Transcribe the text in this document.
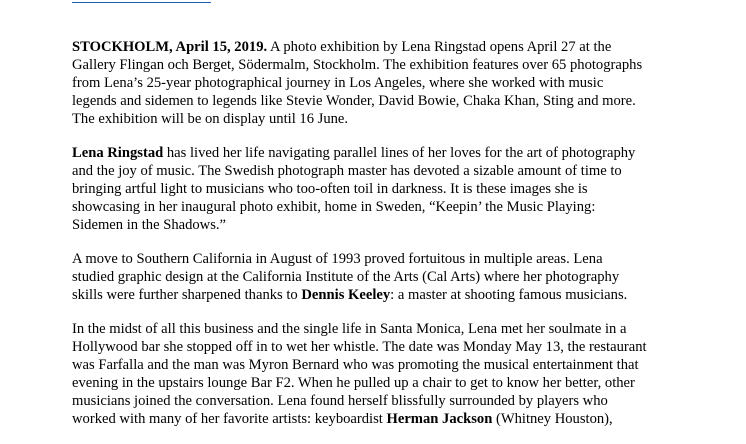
STOCKHOLM, April 15, 2019. A photo exhibition by Lena Ringstad opens April 27 at the
Gallery Flingan och Berget, Södermalm, Stockholm. The exhibition features over 65 photographs
from Lena’s 25-year photographical journey in Los Angeles, where she worked with music
legends and sidemen to legends like Stevie Wonder, David Bowie, Chaka Khan, Sting and more.
The exhibition will be on display until 16 June.

Lena Ringstad has lived her life navigating parallel lines of her loves for the art of photography
and the joy of music. The Swedish photograph master has devoted a sizable amount of time to
bringing artful light to musicians who too-often toil in darkness. It is these images she is
showcasing in her inaugural photo exhibit, home in Sweden, “Keepin’ the Music Playing:
Sidemen in the Shadows.”

A move to Southern California in August of 1993 proved fortuitous in multiple areas. Lena
studied graphic design at the California Institute of the Arts (Cal Arts) where her photography
skills were further sharpened thanks to Dennis Keeley: a master at shooting famous musicians.

In the midst of all this business and the single life in Santa Monica, Lena met her soulmate in a
Hollywood bar she stopped off in to wet her whistle. The date was Monday May 13, the restaurant
was Farfalla and the man was Myron Bernard who was promoting the musical entertainment that
evening in the upstairs lounge Bar F2. When he pulled up a chair to get to know her better, other
musicians joined the conversation. Lena found herself blissfully surrounded by players who
worked with many of her favorite artists: keyboardist Herman Jackson (Whitney Houston),
